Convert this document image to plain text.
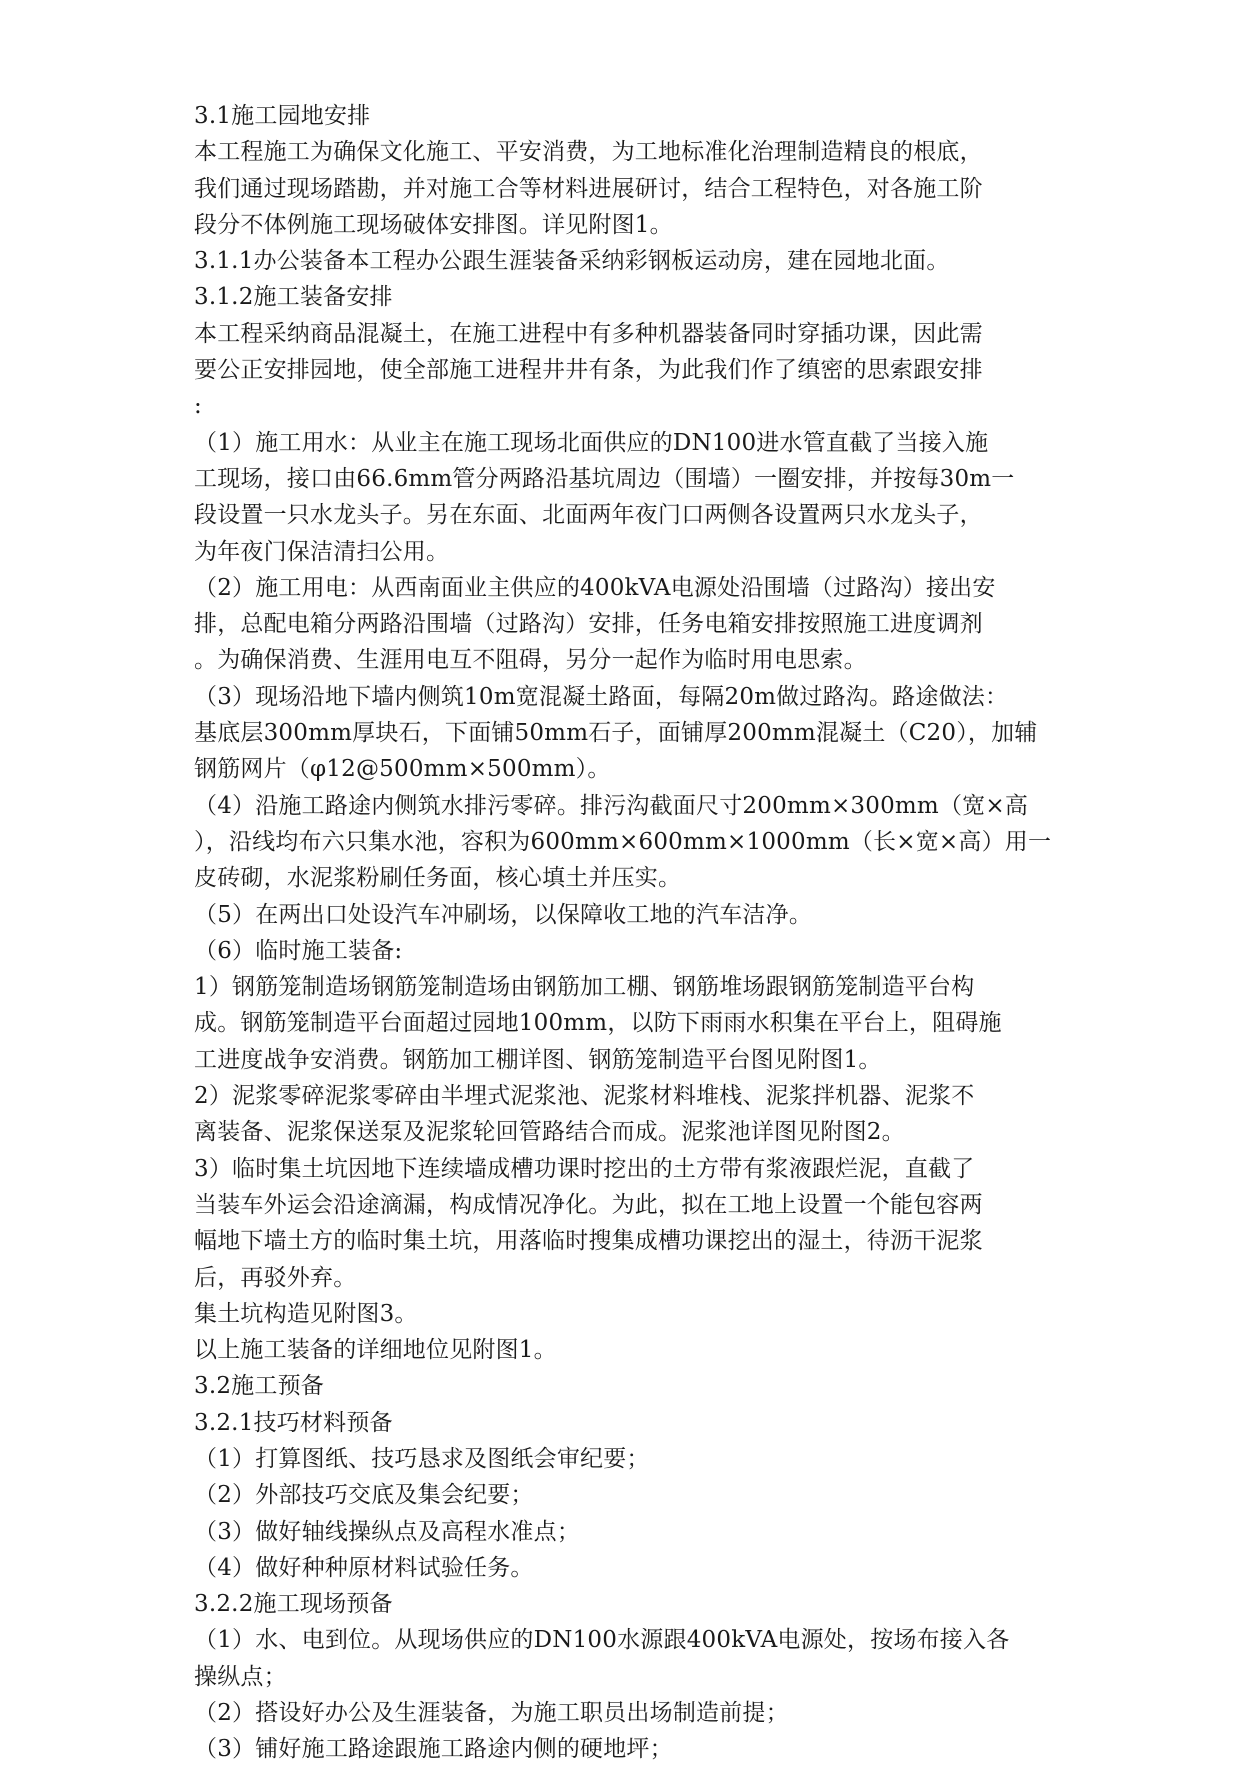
3.1施工园地安排
本工程施工为确保文化施工、平安消费，为工地标准化治理制造精良的根底，
我们通过现场踏勘，并对施工合等材料进展研讨，结合工程特色，对各施工阶
段分不体例施工现场破体安排图。详见附图1。
3.1.1办公装备本工程办公跟生涯装备采纳彩钢板运动房，建在园地北面。
3.1.2施工装备安排
本工程采纳商品混凝土，在施工进程中有多种机器装备同时穿插功课，因此需
要公正安排园地，使全部施工进程井井有条，为此我们作了缜密的思索跟安排
:
（1）施工用水：从业主在施工现场北面供应的DN100进水管直截了当接入施
工现场，接口由66.6mm管分两路沿基坑周边（围墙）一圈安排，并按每30m一
段设置一只水龙头子。另在东面、北面两年夜门口两侧各设置两只水龙头子，
为年夜门保洁清扫公用。
（2）施工用电：从西南面业主供应的400kVA电源处沿围墙（过路沟）接出安
排，总配电箱分两路沿围墙（过路沟）安排，任务电箱安排按照施工进度调剂
。为确保消费、生涯用电互不阻碍，另分一起作为临时用电思索。
（3）现场沿地下墙内侧筑10m宽混凝土路面，每隔20m做过路沟。路途做法：
基底层300mm厚块石，下面铺50mm石子，面铺厚200mm混凝土（C20），加辅
钢筋网片（φ12@500mm×500mm）。
（4）沿施工路途内侧筑水排污零碎。排污沟截面尺寸200mm×300mm（宽×高
），沿线均布六只集水池，容积为600mm×600mm×1000mm（长×宽×高）用一
皮砖砌，水泥浆粉刷任务面，核心填土并压实。
（5）在两出口处设汽车冲刷场，以保障收工地的汽车洁净。
（6）临时施工装备:
1）钢筋笼制造场钢筋笼制造场由钢筋加工棚、钢筋堆场跟钢筋笼制造平台构
成。钢筋笼制造平台面超过园地100mm，以防下雨雨水积集在平台上，阻碍施
工进度战争安消费。钢筋加工棚详图、钢筋笼制造平台图见附图1。
2）泥浆零碎泥浆零碎由半埋式泥浆池、泥浆材料堆栈、泥浆拌机器、泥浆不
离装备、泥浆保送泵及泥浆轮回管路结合而成。泥浆池详图见附图2。
3）临时集土坑因地下连续墙成槽功课时挖出的土方带有浆液跟烂泥，直截了
当装车外运会沿途滴漏，构成情况净化。为此，拟在工地上设置一个能包容两
幅地下墙土方的临时集土坑，用落临时搜集成槽功课挖出的湿土，待沥干泥浆
后，再驳外弃。
集土坑构造见附图3。
以上施工装备的详细地位见附图1。
3.2施工预备
3.2.1技巧材料预备
（1）打算图纸、技巧恳求及图纸会审纪要；
（2）外部技巧交底及集会纪要；
（3）做好轴线操纵点及高程水准点；
（4）做好种种原材料试验任务。
3.2.2施工现场预备
（1）水、电到位。从现场供应的DN100水源跟400kVA电源处，按场布接入各
操纵点；
（2）搭设好办公及生涯装备，为施工职员出场制造前提；
（3）铺好施工路途跟施工路途内侧的硬地坪；
